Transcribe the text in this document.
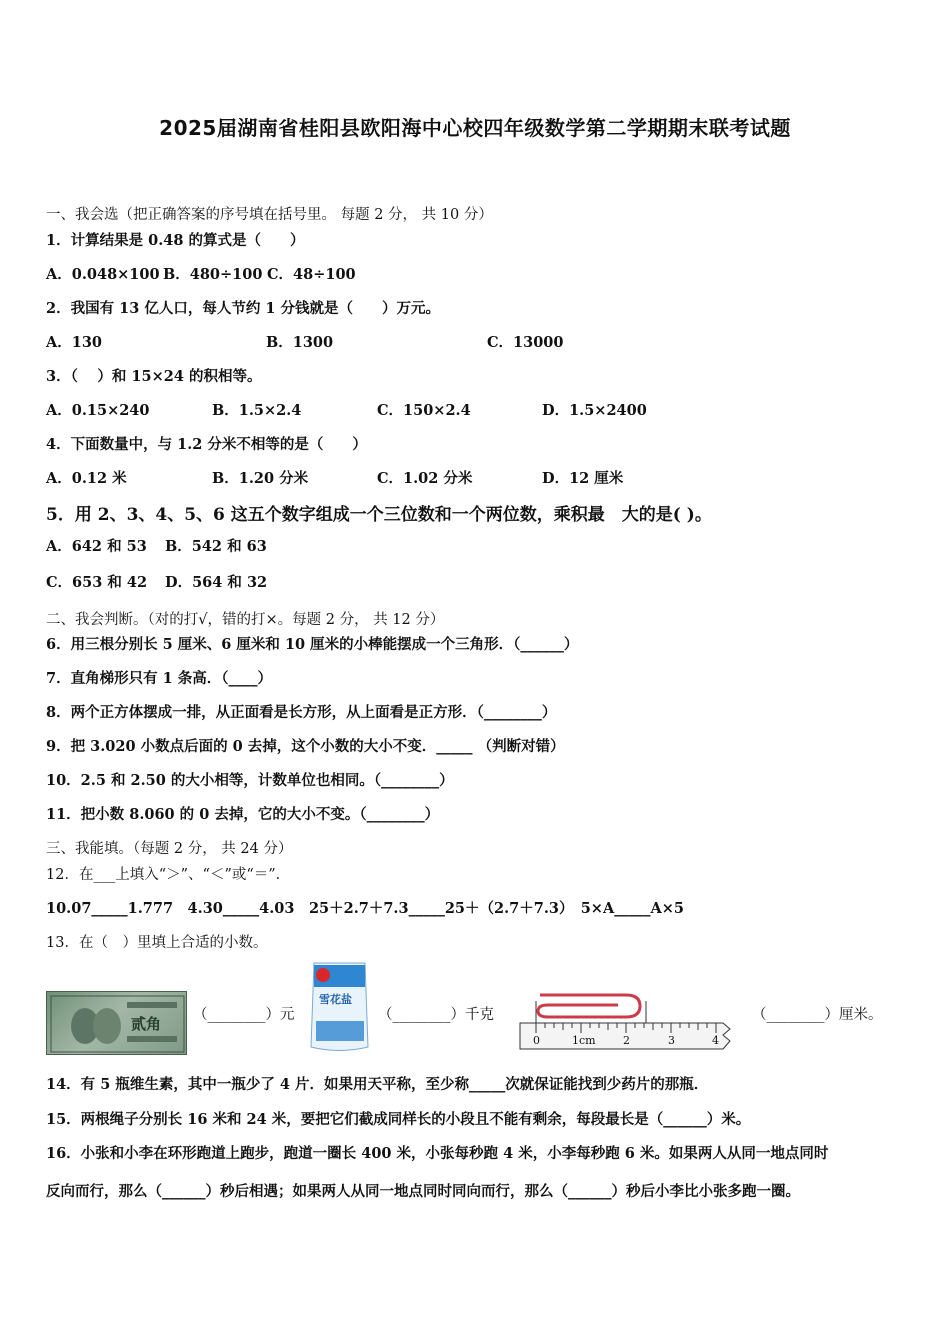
2025届湖南省桂阳县欧阳海中心校四年级数学第二学期期末联考试题
一、我会选（把正确答案的序号填在括号里。 每题 2 分， 共 10 分）
1．计算结果是 0.48 的算式是（　　）
A．0.048×100 B．480÷100 C．48÷100
2．我国有 13 亿人口，每人节约 1 分钱就是（　　）万元。
A．130	B．1300	C．13000
3．（　 ）和 15×24 的积相等。
A．0.15×240	B．1.5×2.4	C．150×2.4	D．1.5×2400
4．下面数量中，与 1.2 分米不相等的是（　　）
A．0.12 米	B．1.20 分米	C．1.02 分米	D．12 厘米
5．用 2、3、4、5、6 这五个数字组成一个三位数和一个两位数，乘积最　大的是( )。
A．642 和 53 B．542 和 63
C．653 和 42 D．564 和 32
二、我会判断。（对的打√，错的打×。每题 2 分， 共 12 分）
6．用三根分别长 5 厘米、6 厘米和 10 厘米的小棒能摆成一个三角形．（______）
7．直角梯形只有 1 条高．（____）
8．两个正方体摆成一排，从正面看是长方形，从上面看是正方形．（________）
9．把 3.020 小数点后面的 0 去掉，这个小数的大小不变．_____ （判断对错）
10．2.5 和 2.50 的大小相等，计数单位也相同。（________）
11．把小数 8.060 的 0 去掉，它的大小不变。（________）
三、我能填。（每题 2 分， 共 24 分）
12．在___上填入“＞”、“＜”或“＝”．
10.07_____1.777　4.30_____4.03　25＋2.7＋7.3_____25＋（2.7＋7.3）　5×A_____A×5
13．在（　）里填上合适的小数。
贰角 （________）元
雪花盐
（________）千克
0	1cm 2	3	4
（________）厘米。
14．有 5 瓶维生素，其中一瓶少了 4 片．如果用天平称，至少称_____次就保证能找到少药片的那瓶．
15．两根绳子分别长 16 米和 24 米，要把它们截成同样长的小段且不能有剩余，每段最长是（______）米。
16．小张和小李在环形跑道上跑步，跑道一圈长 400 米，小张每秒跑 4 米，小李每秒跑 6 米。如果两人从同一地点同时
反向而行，那么（______）秒后相遇；如果两人从同一地点同时同向而行，那么（______）秒后小李比小张多跑一圈。
